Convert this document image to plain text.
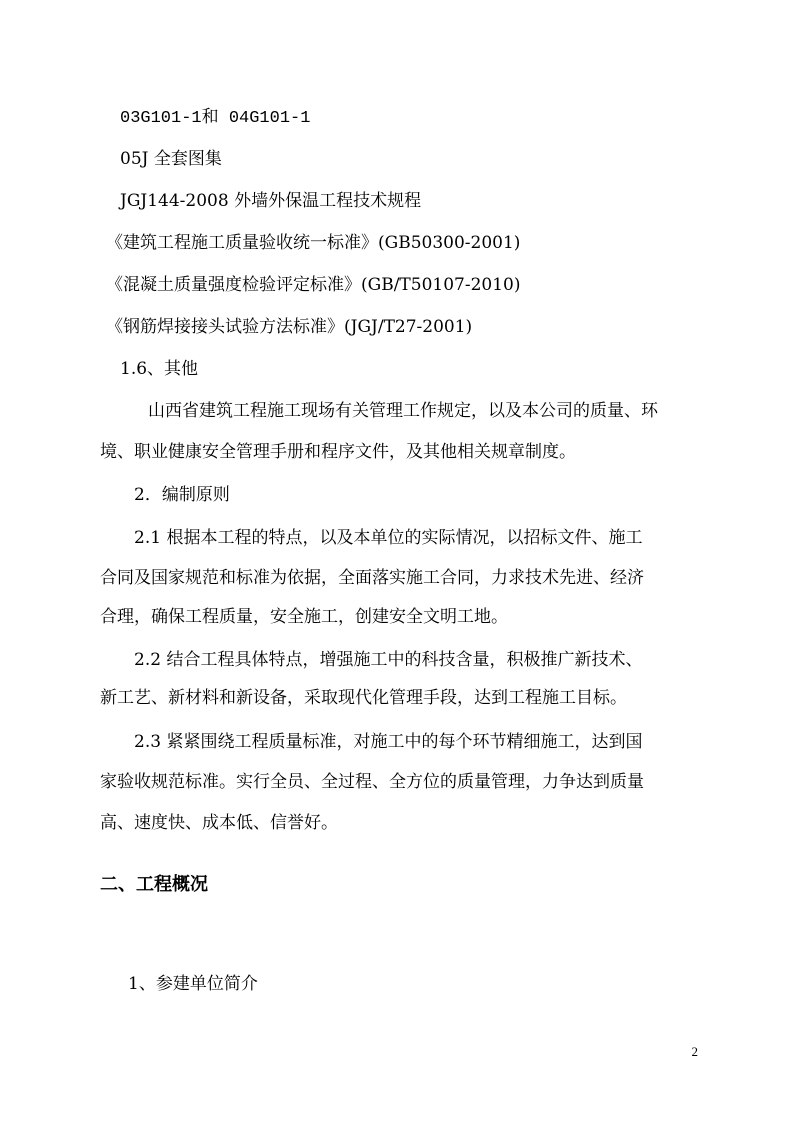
03G101-1和 04G101-1
05J 全套图集
JGJ144-2008 外墙外保温工程技术规程
《建筑工程施工质量验收统一标准》(GB50300-2001)
《混凝土质量强度检验评定标准》(GB/T50107-2010)
《钢筋焊接接头试验方法标准》(JGJ/T27-2001)
1.6、其他
山西省建筑工程施工现场有关管理工作规定，以及本公司的质量、环
境、职业健康安全管理手册和程序文件，及其他相关规章制度。
2．编制原则
2.1 根据本工程的特点，以及本单位的实际情况，以招标文件、施工
合同及国家规范和标准为依据，全面落实施工合同，力求技术先进、经济
合理，确保工程质量，安全施工，创建安全文明工地。
2.2 结合工程具体特点，增强施工中的科技含量，积极推广新技术、
新工艺、新材料和新设备，采取现代化管理手段，达到工程施工目标。
2.3 紧紧围绕工程质量标准，对施工中的每个环节精细施工，达到国
家验收规范标准。实行全员、全过程、全方位的质量管理，力争达到质量
高、速度快、成本低、信誉好。
二、工程概况
1、参建单位简介
2
